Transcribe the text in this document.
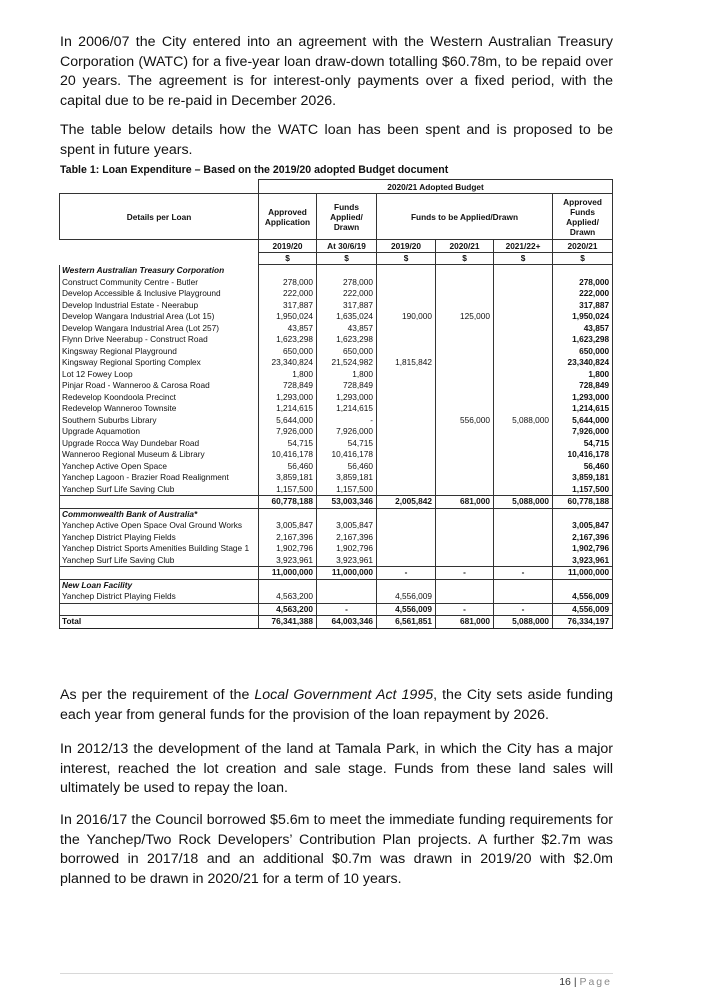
In 2006/07 the City entered into an agreement with the Western Australian Treasury Corporation (WATC) for a five-year loan draw-down totalling $60.78m, to be repaid over 20 years. The agreement is for interest-only payments over a fixed period, with the capital due to be re-paid in December 2026.

The table below details how the WATC loan has been spent and is proposed to be spent in future years.

Table 1: Loan Expenditure – Based on the 2019/20 adopted Budget document
	2020/21 Adopted Budget					
Details per Loan	Approved Application	Funds Applied/ Drawn	Funds to be Applied/Drawn			Approved Funds Applied/ Drawn
	2019/20	At 30/6/19	2019/20	2020/21	2021/22+	2020/21
	$	$	$	$	$	$
Western Australian Treasury Corporation						
Construct Community Centre - Butler	278,000	278,000				278,000
Develop Accessible & Inclusive Playground	222,000	222,000				222,000
Develop Industrial Estate - Neerabup	317,887	317,887				317,887
Develop Wangara Industrial Area (Lot 15)	1,950,024	1,635,024	190,000	125,000		1,950,024
Develop Wangara Industrial Area (Lot 257)	43,857	43,857				43,857
Flynn Drive Neerabup - Construct Road	1,623,298	1,623,298				1,623,298
Kingsway Regional Playground	650,000	650,000				650,000
Kingsway Regional Sporting Complex	23,340,824	21,524,982	1,815,842			23,340,824
Lot 12 Fowey Loop	1,800	1,800				1,800
Pinjar Road - Wanneroo & Carosa Road	728,849	728,849				728,849
Redevelop Koondoola Precinct	1,293,000	1,293,000				1,293,000
Redevelop Wanneroo Townsite	1,214,615	1,214,615				1,214,615
Southern Suburbs Library	5,644,000	-		556,000	5,088,000	5,644,000
Upgrade Aquamotion	7,926,000	7,926,000				7,926,000
Upgrade Rocca Way Dundebar Road	54,715	54,715				54,715
Wanneroo Regional Museum & Library	10,416,178	10,416,178				10,416,178
Yanchep Active Open Space	56,460	56,460				56,460
Yanchep Lagoon - Brazier Road Realignment	3,859,181	3,859,181				3,859,181
Yanchep Surf Life Saving Club	1,157,500	1,157,500				1,157,500
	60,778,188	53,003,346	2,005,842	681,000	5,088,000	60,778,188
Commonwealth Bank of Australia*						
Yanchep Active Open Space Oval Ground Works	3,005,847	3,005,847				3,005,847
Yanchep District Playing Fields	2,167,396	2,167,396				2,167,396
Yanchep District Sports Amenities Building Stage 1	1,902,796	1,902,796				1,902,796
Yanchep Surf Life Saving Club	3,923,961	3,923,961				3,923,961
	11,000,000	11,000,000	-	-	-	11,000,000
New Loan Facility						
Yanchep District Playing Fields	4,563,200		4,556,009			4,556,009
	4,563,200	-	4,556,009	-	-	4,556,009
Total	76,341,388	64,003,346	6,561,851	681,000	5,088,000	76,334,197

As per the requirement of the Local Government Act 1995, the City sets aside funding each year from general funds for the provision of the loan repayment by 2026.

In 2012/13 the development of the land at Tamala Park, in which the City has a major interest, reached the lot creation and sale stage. Funds from these land sales will ultimately be used to repay the loan.

In 2016/17 the Council borrowed $5.6m to meet the immediate funding requirements for the Yanchep/Two Rock Developers’ Contribution Plan projects. A further $2.7m was borrowed in 2017/18 and an additional $0.7m was drawn in 2019/20 with $2.0m planned to be drawn in 2020/21 for a term of 10 years.

16 | Page
